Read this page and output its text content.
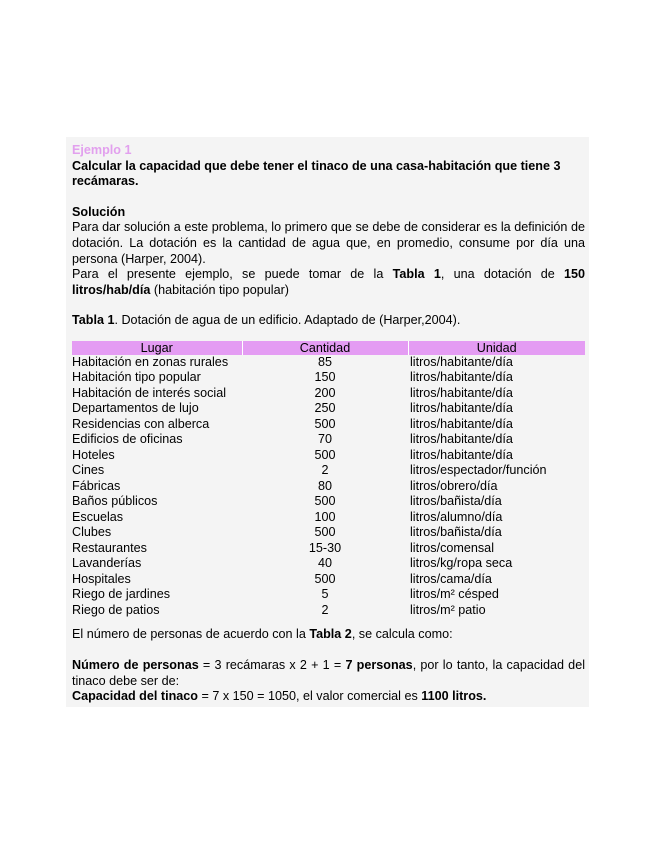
Ejemplo 1

Calcular la capacidad que debe tener el tinaco de una casa-habitación que tiene 3 recámaras.

Solución

Para dar solución a este problema, lo primero que se debe de considerar es la definición de dotación. La dotación es la cantidad de agua que, en promedio, consume por día una persona (Harper, 2004).

Para el presente ejemplo, se puede tomar de la Tabla 1, una dotación de 150 litros/hab/día (habitación tipo popular)

Tabla 1. Dotación de agua de un edificio. Adaptado de (Harper,2004).

Lugar	Cantidad	Unidad
Habitación en zonas rurales	85	litros/habitante/día
Habitación tipo popular	150	litros/habitante/día
Habitación de interés social	200	litros/habitante/día
Departamentos de lujo	250	litros/habitante/día
Residencias con alberca	500	litros/habitante/día
Edificios de oficinas	70	litros/habitante/día
Hoteles	500	litros/habitante/día
Cines	2	litros/espectador/función
Fábricas	80	litros/obrero/día
Baños públicos	500	litros/bañista/día
Escuelas	100	litros/alumno/día
Clubes	500	litros/bañista/día
Restaurantes	15-30	litros/comensal
Lavanderías	40	litros/kg/ropa seca
Hospitales	500	litros/cama/día
Riego de jardines	5	litros/m² césped
Riego de patios	2	litros/m² patio

El número de personas de acuerdo con la Tabla 2, se calcula como:

Número de personas = 3 recámaras x 2 + 1 = 7 personas, por lo tanto, la capacidad del tinaco debe ser de:

Capacidad del tinaco = 7 x 150 = 1050, el valor comercial es 1100 litros.
